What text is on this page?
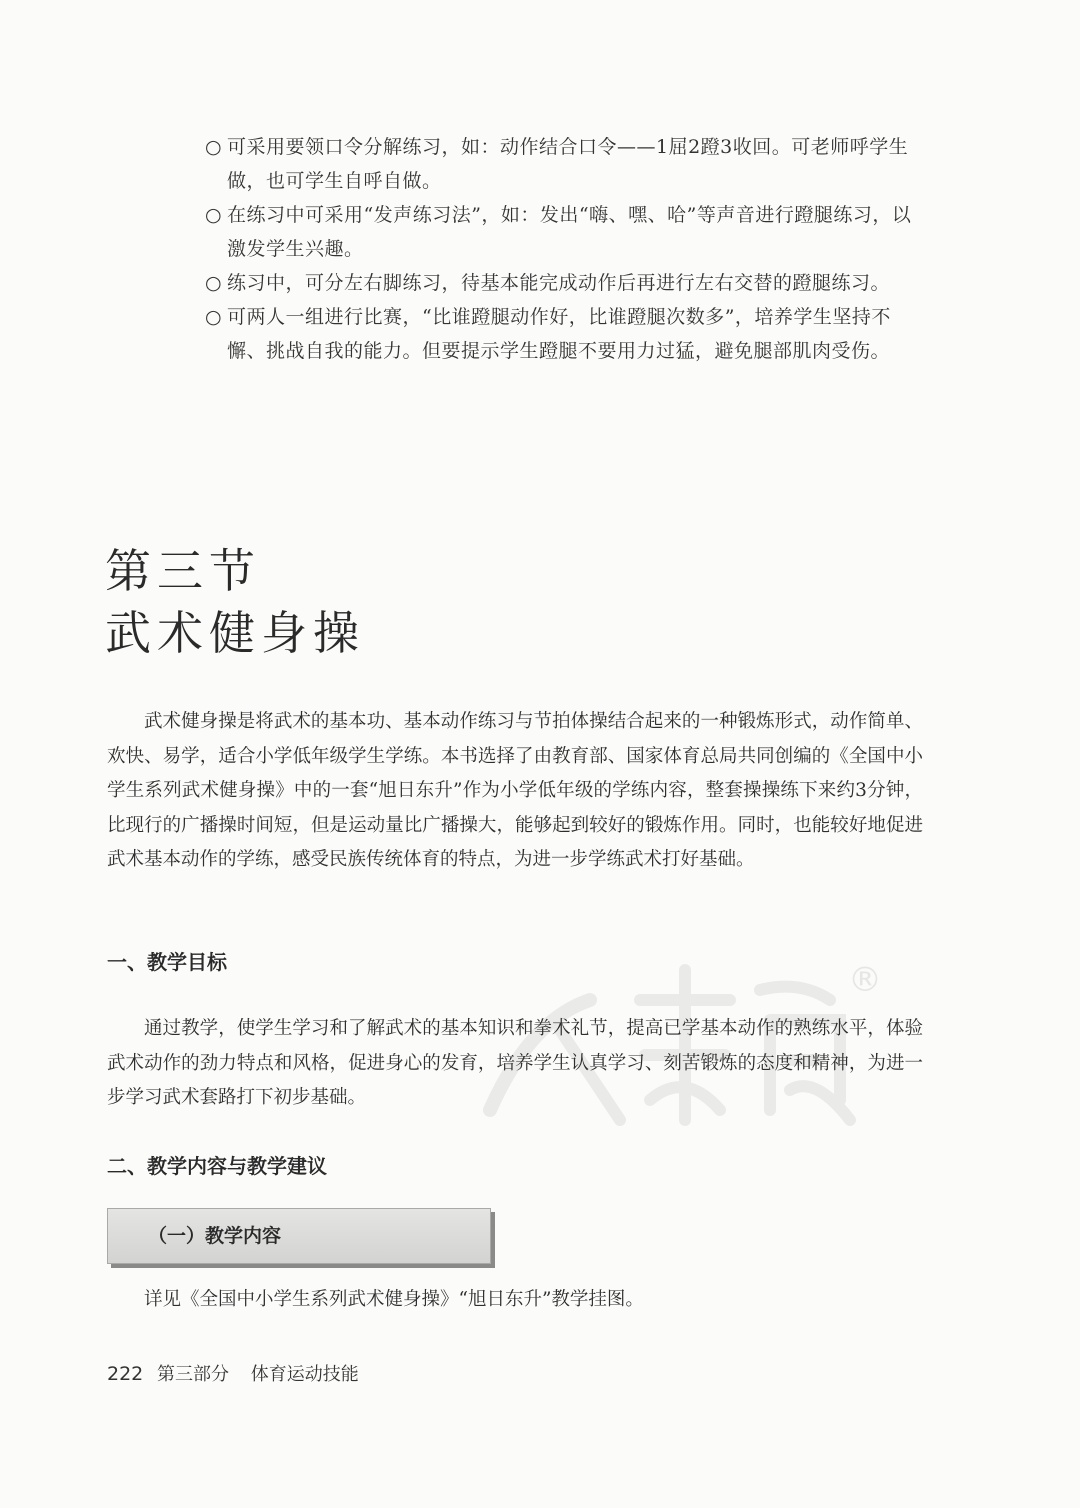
®
○ 可采用要领口令分解练习，如：动作结合口令——1屈2蹬3收回。可老师呼学生做，也可学生自呼自做。
○ 在练习中可采用“发声练习法”，如：发出“嗨、嘿、哈”等声音进行蹬腿练习，以激发学生兴趣。
○ 练习中，可分左右脚练习，待基本能完成动作后再进行左右交替的蹬腿练习。
○ 可两人一组进行比赛，“比谁蹬腿动作好，比谁蹬腿次数多”，培养学生坚持不懈、挑战自我的能力。但要提示学生蹬腿不要用力过猛，避免腿部肌肉受伤。
第三节
武术健身操
武术健身操是将武术的基本功、基本动作练习与节拍体操结合起来的一种锻炼形式，动作简单、欢快、易学，适合小学低年级学生学练。本书选择了由教育部、国家体育总局共同创编的《全国中小学生系列武术健身操》中的一套“旭日东升”作为小学低年级的学练内容，整套操操练下来约3分钟，比现行的广播操时间短，但是运动量比广播操大，能够起到较好的锻炼作用。同时，也能较好地促进武术基本动作的学练，感受民族传统体育的特点，为进一步学练武术打好基础。
一、教学目标
通过教学，使学生学习和了解武术的基本知识和拳术礼节，提高已学基本动作的熟练水平，体验武术动作的劲力特点和风格，促进身心的发育，培养学生认真学习、刻苦锻炼的态度和精神，为进一步学习武术套路打下初步基础。
二、教学内容与教学建议
（一）教学内容
详见《全国中小学生系列武术健身操》“旭日东升”教学挂图。
222 第三部分 体育运动技能
